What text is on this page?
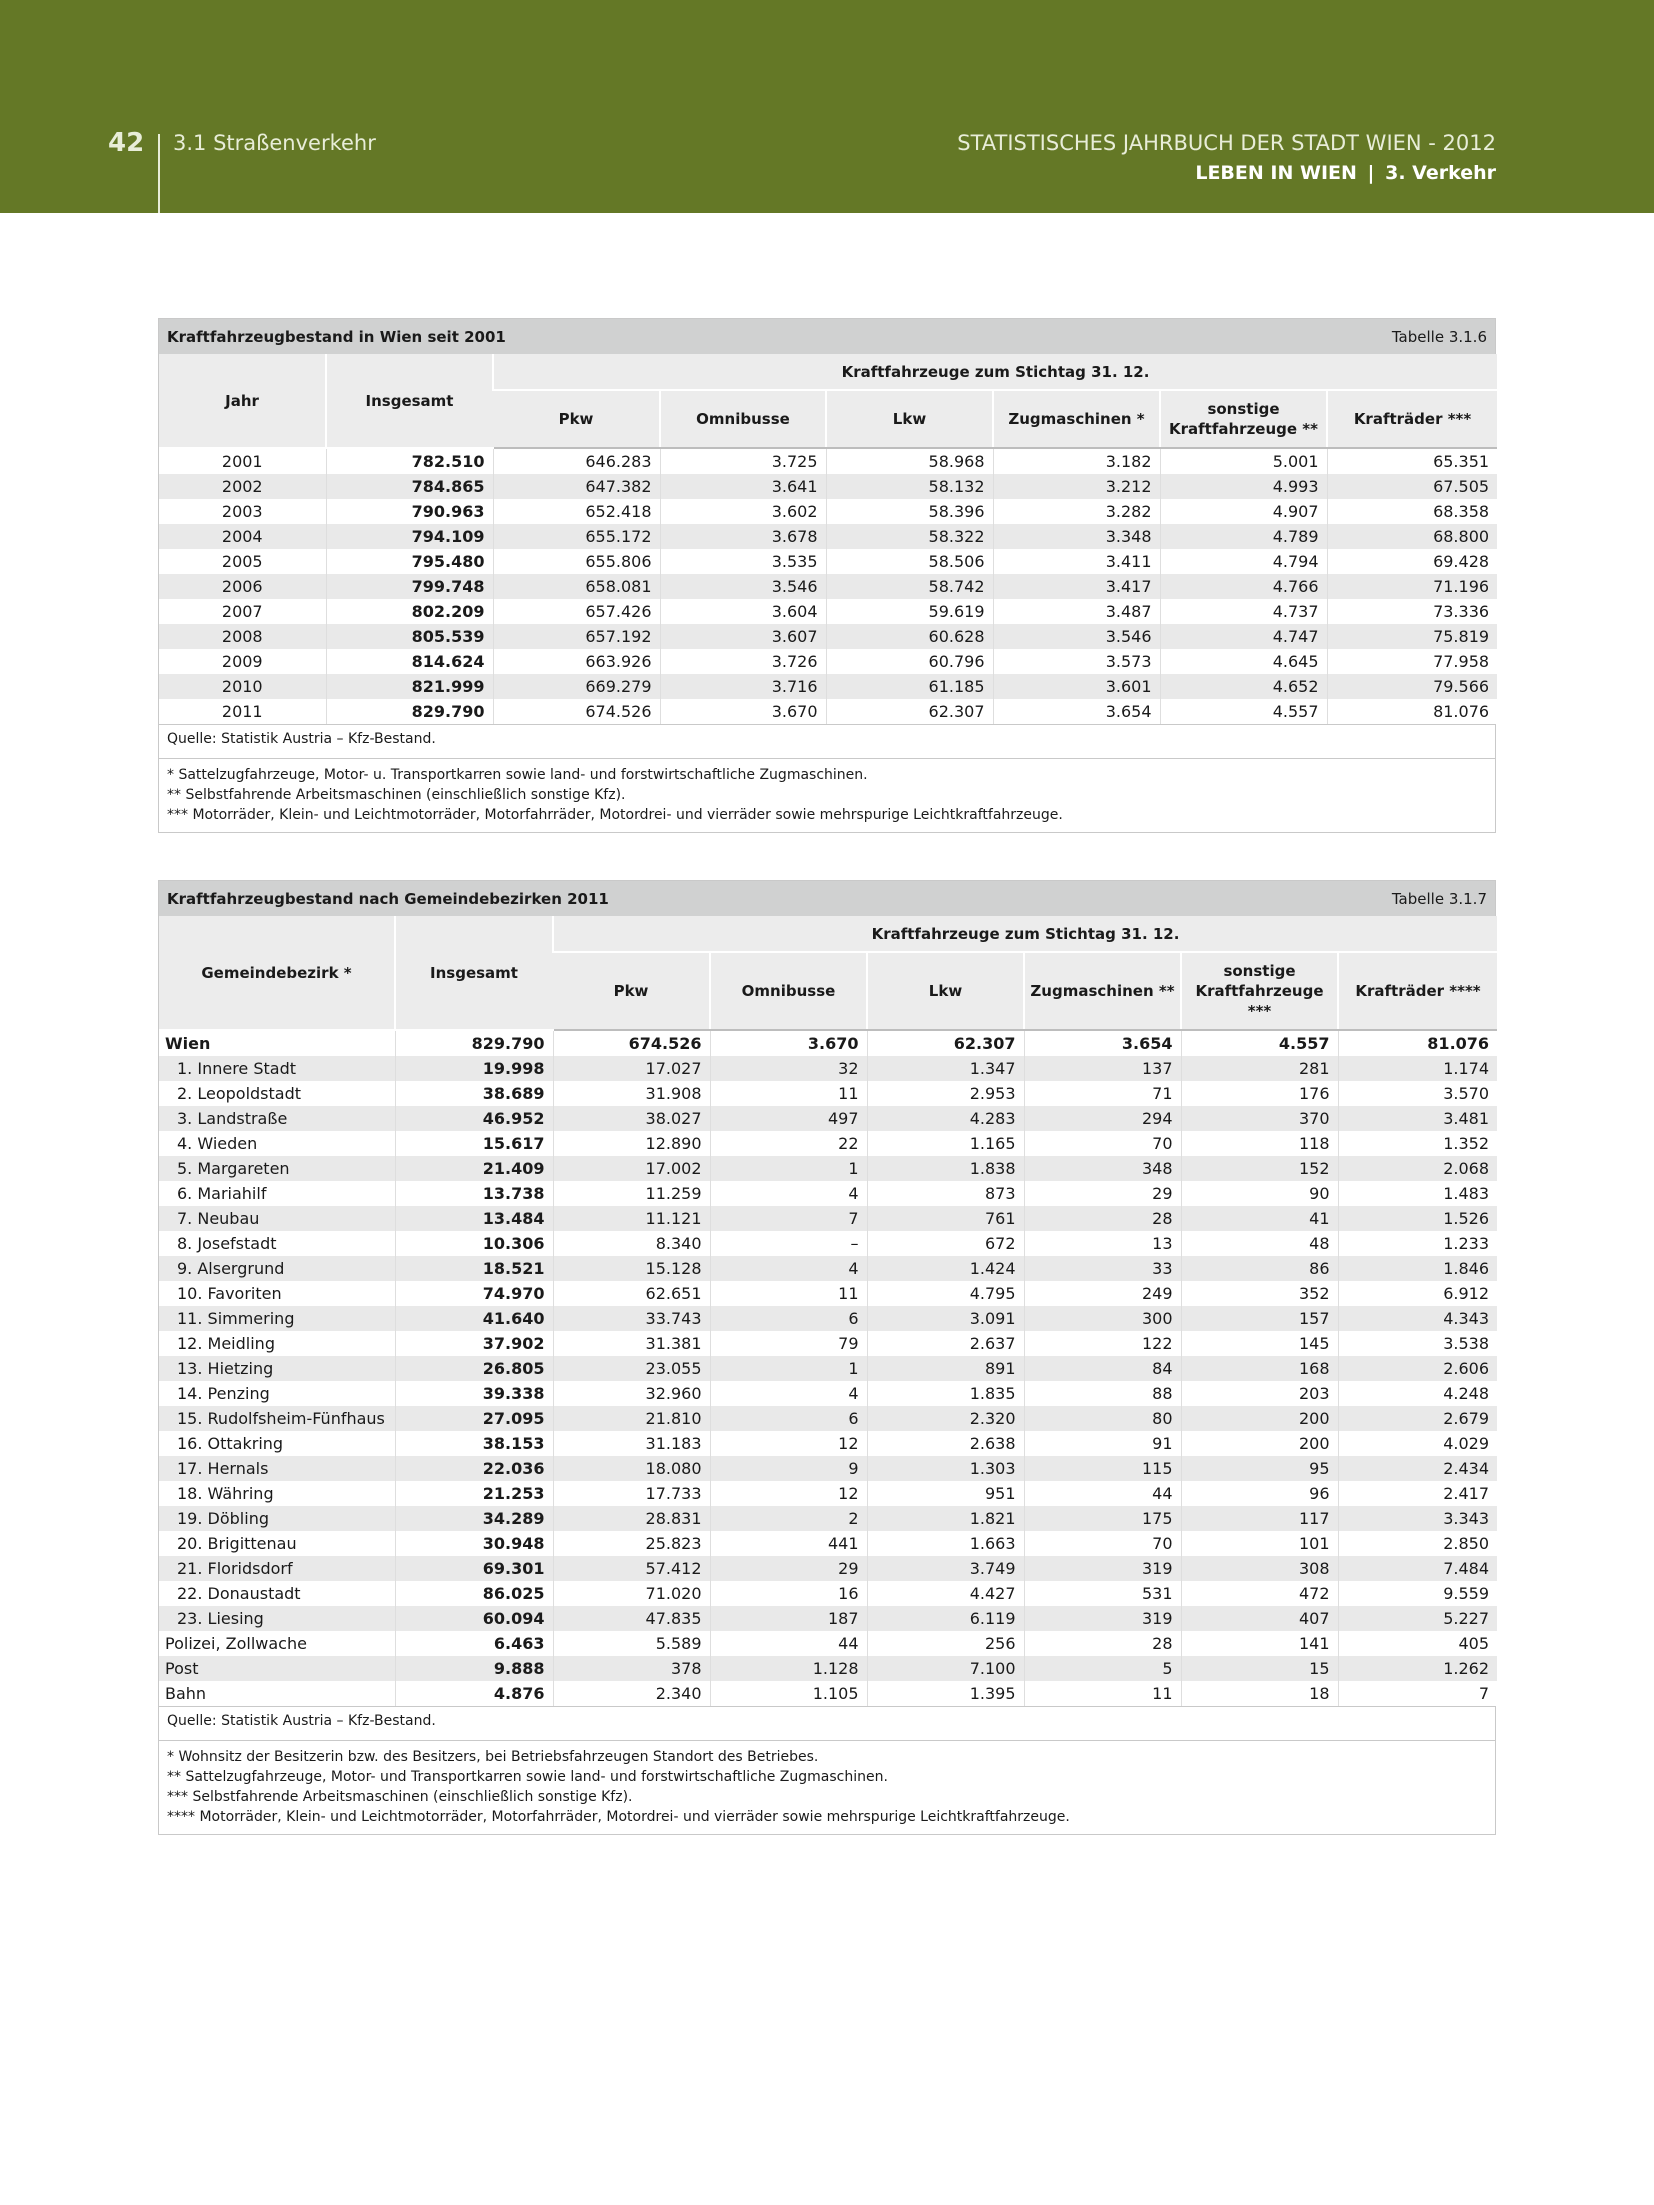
42 3.1 Straßenverkehr	STATISTISCHES JAHRBUCH DER STADT WIEN - 2012
LEBEN IN WIEN | 3. Verkehr
Kraftfahrzeugbestand in Wien seit 2001	Tabelle 3.1.6
Jahr	Insgesamt	Kraftfahrzeuge zum Stichtag 31. 12.					
		Pkw	Omnibusse	Lkw	Zugmaschinen *	sonstige Kraftfahrzeuge **	Krafträder ***
2001	782.510	646.283	3.725	58.968	3.182	5.001	65.351
2002	784.865	647.382	3.641	58.132	3.212	4.993	67.505
2003	790.963	652.418	3.602	58.396	3.282	4.907	68.358
2004	794.109	655.172	3.678	58.322	3.348	4.789	68.800
2005	795.480	655.806	3.535	58.506	3.411	4.794	69.428
2006	799.748	658.081	3.546	58.742	3.417	4.766	71.196
2007	802.209	657.426	3.604	59.619	3.487	4.737	73.336
2008	805.539	657.192	3.607	60.628	3.546	4.747	75.819
2009	814.624	663.926	3.726	60.796	3.573	4.645	77.958
2010	821.999	669.279	3.716	61.185	3.601	4.652	79.566
2011	829.790	674.526	3.670	62.307	3.654	4.557	81.076
Quelle: Statistik Austria – Kfz-Bestand.
* Sattelzugfahrzeuge, Motor- u. Transportkarren sowie land- und forstwirtschaftliche Zugmaschinen.
** Selbstfahrende Arbeitsmaschinen (einschließlich sonstige Kfz).
*** Motorräder, Klein- und Leichtmotorräder, Motorfahrräder, Motordrei- und vierräder sowie mehrspurige Leichtkraftfahrzeuge.
Kraftfahrzeugbestand nach Gemeindebezirken 2011	Tabelle 3.1.7
Gemeindebezirk *	Insgesamt	Kraftfahrzeuge zum Stichtag 31. 12.					
		Pkw	Omnibusse	Lkw	Zugmaschinen **	sonstige Kraftfahrzeuge ***	Krafträder ****
Wien	829.790	674.526	3.670	62.307	3.654	4.557	81.076
1. Innere Stadt	19.998	17.027	32	1.347	137	281	1.174
2. Leopoldstadt	38.689	31.908	11	2.953	71	176	3.570
3. Landstraße	46.952	38.027	497	4.283	294	370	3.481
4. Wieden	15.617	12.890	22	1.165	70	118	1.352
5. Margareten	21.409	17.002	1	1.838	348	152	2.068
6. Mariahilf	13.738	11.259	4	873	29	90	1.483
7. Neubau	13.484	11.121	7	761	28	41	1.526
8. Josefstadt	10.306	8.340	–	672	13	48	1.233
9. Alsergrund	18.521	15.128	4	1.424	33	86	1.846
10. Favoriten	74.970	62.651	11	4.795	249	352	6.912
11. Simmering	41.640	33.743	6	3.091	300	157	4.343
12. Meidling	37.902	31.381	79	2.637	122	145	3.538
13. Hietzing	26.805	23.055	1	891	84	168	2.606
14. Penzing	39.338	32.960	4	1.835	88	203	4.248
15. Rudolfsheim-Fünfhaus	27.095	21.810	6	2.320	80	200	2.679
16. Ottakring	38.153	31.183	12	2.638	91	200	4.029
17. Hernals	22.036	18.080	9	1.303	115	95	2.434
18. Währing	21.253	17.733	12	951	44	96	2.417
19. Döbling	34.289	28.831	2	1.821	175	117	3.343
20. Brigittenau	30.948	25.823	441	1.663	70	101	2.850
21. Floridsdorf	69.301	57.412	29	3.749	319	308	7.484
22. Donaustadt	86.025	71.020	16	4.427	531	472	9.559
23. Liesing	60.094	47.835	187	6.119	319	407	5.227
Polizei, Zollwache	6.463	5.589	44	256	28	141	405
Post	9.888	378	1.128	7.100	5	15	1.262
Bahn	4.876	2.340	1.105	1.395	11	18	7
Quelle: Statistik Austria – Kfz-Bestand.
* Wohnsitz der Besitzerin bzw. des Besitzers, bei Betriebsfahrzeugen Standort des Betriebes.
** Sattelzugfahrzeuge, Motor- und Transportkarren sowie land- und forstwirtschaftliche Zugmaschinen.
*** Selbstfahrende Arbeitsmaschinen (einschließlich sonstige Kfz).
**** Motorräder, Klein- und Leichtmotorräder, Motorfahrräder, Motordrei- und vierräder sowie mehrspurige Leichtkraftfahrzeuge.
